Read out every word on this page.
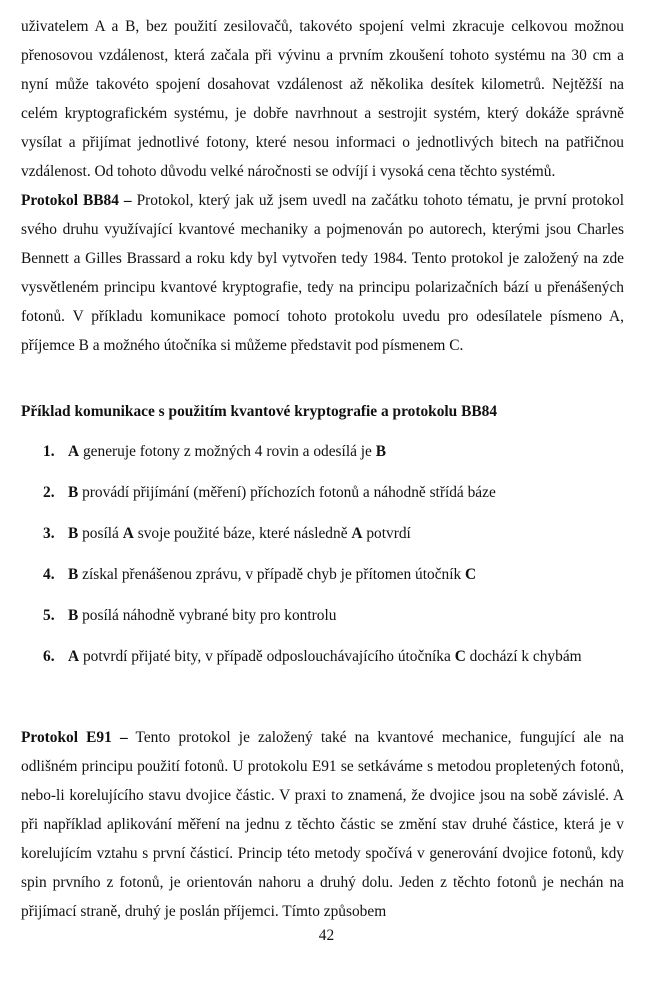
uživatelem A a B, bez použití zesilovačů, takovéto spojení velmi zkracuje celkovou možnou přenosovou vzdálenost, která začala při vývinu a prvním zkoušení tohoto systému na 30 cm a nyní může takovéto spojení dosahovat vzdálenost až několika desítek kilometrů. Nejtěžší na celém kryptografickém systému, je dobře navrhnout a sestrojit systém, který dokáže správně vysílat a přijímat jednotlivé fotony, které nesou informaci o jednotlivých bitech na patřičnou vzdálenost. Od tohoto důvodu velké náročnosti se odvíjí i vysoká cena těchto systémů.

Protokol BB84 – Protokol, který jak už jsem uvedl na začátku tohoto tématu, je první protokol svého druhu využívající kvantové mechaniky a pojmenován po autorech, kterými jsou Charles Bennett a Gilles Brassard a roku kdy byl vytvořen tedy 1984. Tento protokol je založený na zde vysvětleném principu kvantové kryptografie, tedy na principu polarizačních bází u přenášených fotonů. V příkladu komunikace pomocí tohoto protokolu uvedu pro odesílatele písmeno A, příjemce B a možného útočníka si můžeme představit pod písmenem C.

Příklad komunikace s použitím kvantové kryptografie a protokolu BB84

1. A generuje fotony z možných 4 rovin a odesílá je B
2. B provádí přijímání (měření) příchozích fotonů a náhodně střídá báze
3. B posílá A svoje použité báze, které následně A potvrdí
4. B získal přenášenou zprávu, v případě chyb je přítomen útočník C
5. B posílá náhodně vybrané bity pro kontrolu
6. A potvrdí přijaté bity, v případě odposlouchávajícího útočníka C dochází k chybám

Protokol E91 – Tento protokol je založený také na kvantové mechanice, fungující ale na odlišném principu použití fotonů. U protokolu E91 se setkáváme s metodou propletených fotonů, nebo-li korelujícího stavu dvojice částic. V praxi to znamená, že dvojice jsou na sobě závislé. A při například aplikování měření na jednu z těchto částic se změní stav druhé částice, která je v korelujícím vztahu s první částicí. Princip této metody spočívá v generování dvojice fotonů, kdy spin prvního z fotonů, je orientován nahoru a druhý dolu. Jeden z těchto fotonů je nechán na přijímací straně, druhý je poslán příjemci. Tímto způsobem

42
